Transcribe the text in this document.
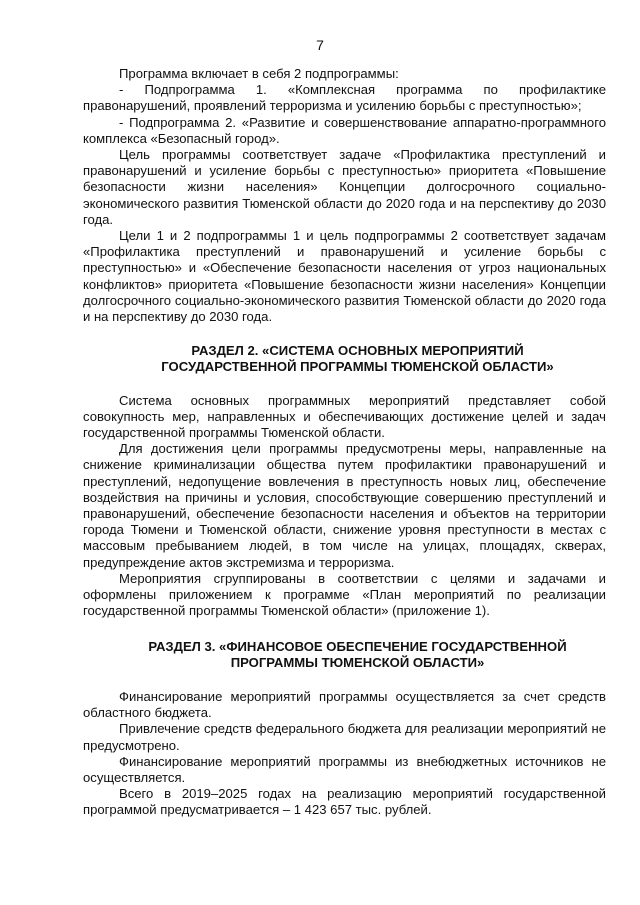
7

Программа включает в себя 2 подпрограммы:

- Подпрограмма 1. «Комплексная программа по профилактике правонарушений, проявлений терроризма и усилению борьбы с преступностью»;

- Подпрограмма 2. «Развитие и совершенствование аппаратно-программного комплекса «Безопасный город».

Цель программы соответствует задаче «Профилактика преступлений и правонарушений и усиление борьбы с преступностью» приоритета «Повышение безопасности жизни населения» Концепции долгосрочного социально-экономического развития Тюменской области до 2020 года и на перспективу до 2030 года.

Цели 1 и 2 подпрограммы 1 и цель подпрограммы 2 соответствует задачам «Профилактика преступлений и правонарушений и усиление борьбы с преступностью» и «Обеспечение безопасности населения от угроз национальных конфликтов» приоритета «Повышение безопасности жизни населения» Концепции долгосрочного социально-экономического развития Тюменской области до 2020 года и на перспективу до 2030 года.

РАЗДЕЛ 2. «СИСТЕМА ОСНОВНЫХ МЕРОПРИЯТИЙ
ГОСУДАРСТВЕННОЙ ПРОГРАММЫ ТЮМЕНСКОЙ ОБЛАСТИ»

Система основных программных мероприятий представляет собой совокупность мер, направленных и обеспечивающих достижение целей и задач государственной программы Тюменской области.

Для достижения цели программы предусмотрены меры, направленные на снижение криминализации общества путем профилактики правонарушений и преступлений, недопущение вовлечения в преступность новых лиц, обеспечение воздействия на причины и условия, способствующие совершению преступлений и правонарушений, обеспечение безопасности населения и объектов на территории города Тюмени и Тюменской области, снижение уровня преступности в местах с массовым пребыванием людей, в том числе на улицах, площадях, скверах, предупреждение актов экстремизма и терроризма.

Мероприятия сгруппированы в соответствии с целями и задачами и оформлены приложением к программе «План мероприятий по реализации государственной программы Тюменской области» (приложение 1).

РАЗДЕЛ 3. «ФИНАНСОВОЕ ОБЕСПЕЧЕНИЕ ГОСУДАРСТВЕННОЙ
ПРОГРАММЫ ТЮМЕНСКОЙ ОБЛАСТИ»

Финансирование мероприятий программы осуществляется за счет средств областного бюджета.

Привлечение средств федерального бюджета для реализации мероприятий не предусмотрено.

Финансирование мероприятий программы из внебюджетных источников не осуществляется.

Всего в 2019–2025 годах на реализацию мероприятий государственной программой предусматривается – 1 423 657 тыс. рублей.
